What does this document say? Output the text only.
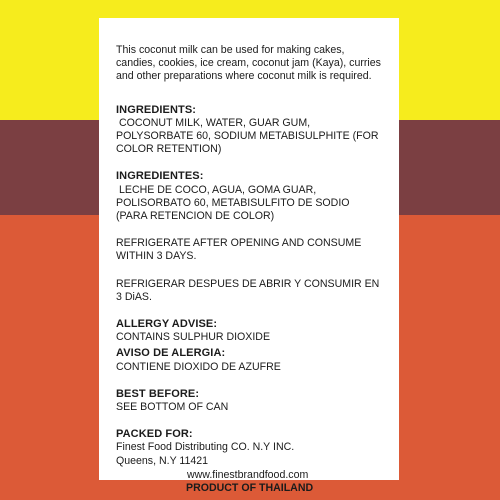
This coconut milk can be used for making cakes,
candies, cookies, ice cream, coconut jam (Kaya), curries
and other preparations where coconut milk is required.
INGREDIENTS:
COCONUT MILK, WATER, GUAR GUM,
POLYSORBATE 60, SODIUM METABISULPHITE (FOR
COLOR RETENTION)
INGREDIENTES:
LECHE DE COCO, AGUA, GOMA GUAR,
POLISORBATO 60, METABISULFITO DE SODIO
(PARA RETENCION DE COLOR)
REFRIGERATE AFTER OPENING AND CONSUME
WITHIN 3 DAYS.
REFRIGERAR DESPUES DE ABRIR Y CONSUMIR EN
3 DiAS.
ALLERGY ADVISE:
CONTAINS SULPHUR DIOXIDE
AVISO DE ALERGIA:
CONTIENE DIOXIDO DE AZUFRE
BEST BEFORE:
SEE BOTTOM OF CAN
PACKED FOR:
Finest Food Distributing CO. N.Y INC.
Queens, N.Y 11421
www.finestbrandfood.com
PRODUCT OF THAILAND
